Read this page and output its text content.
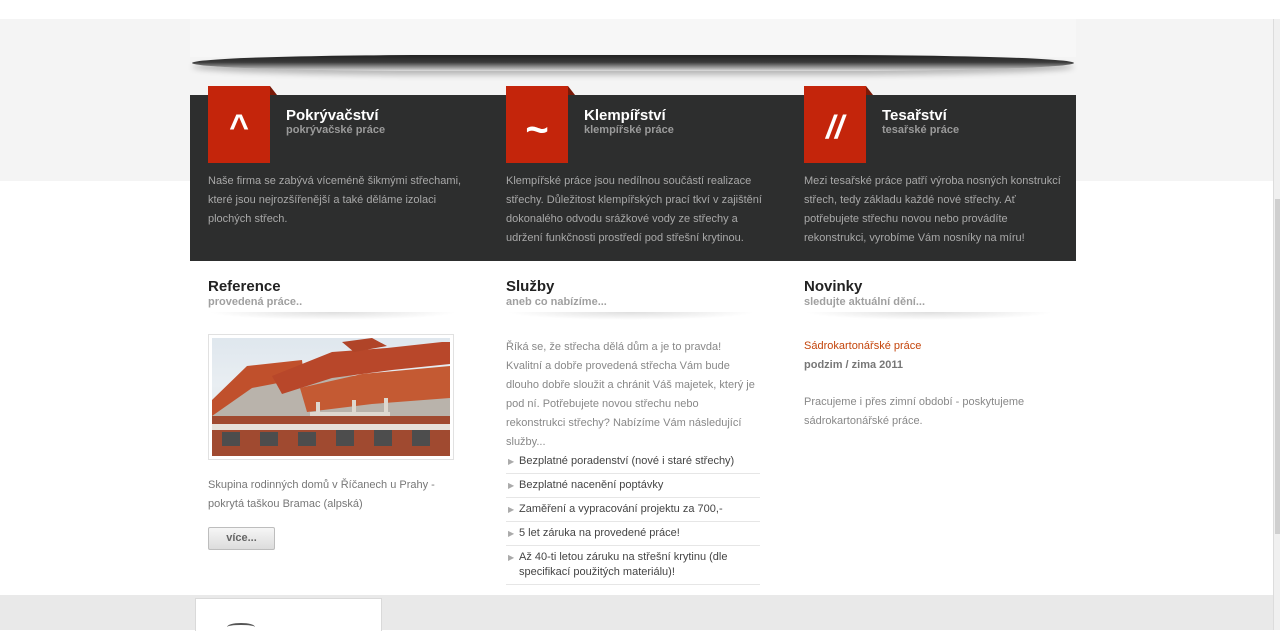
^	Pokrývačství
pokrývačské práce
Naše firma se zabývá víceméně šikmými střechami, které jsou nejrozšířenější a také děláme izolaci plochých střech.
~	Klempířství
klempířské práce
Klempířské práce jsou nedílnou součástí realizace střechy. Důležitost klempířských prací tkví v zajištění dokonalého odvodu srážkové vody ze střechy a udržení funkčnosti prostředí pod střešní krytinou.
//	Tesařství
tesařské práce
Mezi tesařské práce patří výroba nosných konstrukcí střech, tedy základu každé nové střechy. Ať potřebujete střechu novou nebo provádíte rekonstrukci, vyrobíme Vám nosníky na míru!
Reference
provedená práce..
Skupina rodinných domů v Říčanech u Prahy - pokrytá taškou Bramac (alpská)
více...
Služby
aneb co nabízíme...
Říká se, že střecha dělá dům a je to pravda! Kvalitní a dobře provedená střecha Vám bude dlouho dobře sloužit a chránit Váš majetek, který je pod ní. Potřebujete novou střechu nebo rekonstrukci střechy? Nabízíme Vám následující služby...
▶ Bezplatné poradenství (nové i staré střechy)
▶ Bezplatné nacenění poptávky
▶ Zaměření a vypracování projektu za 700,-
▶ 5 let záruka na provedené práce!
▶ Až 40-ti letou záruku na střešní krytinu (dle specifikací použitých materiálu)!
Novinky
sledujte aktuální dění...
Sádrokartonářské práce
podzim / zima 2011
Pracujeme i přes zimní období - poskytujeme sádrokartonářské práce.
